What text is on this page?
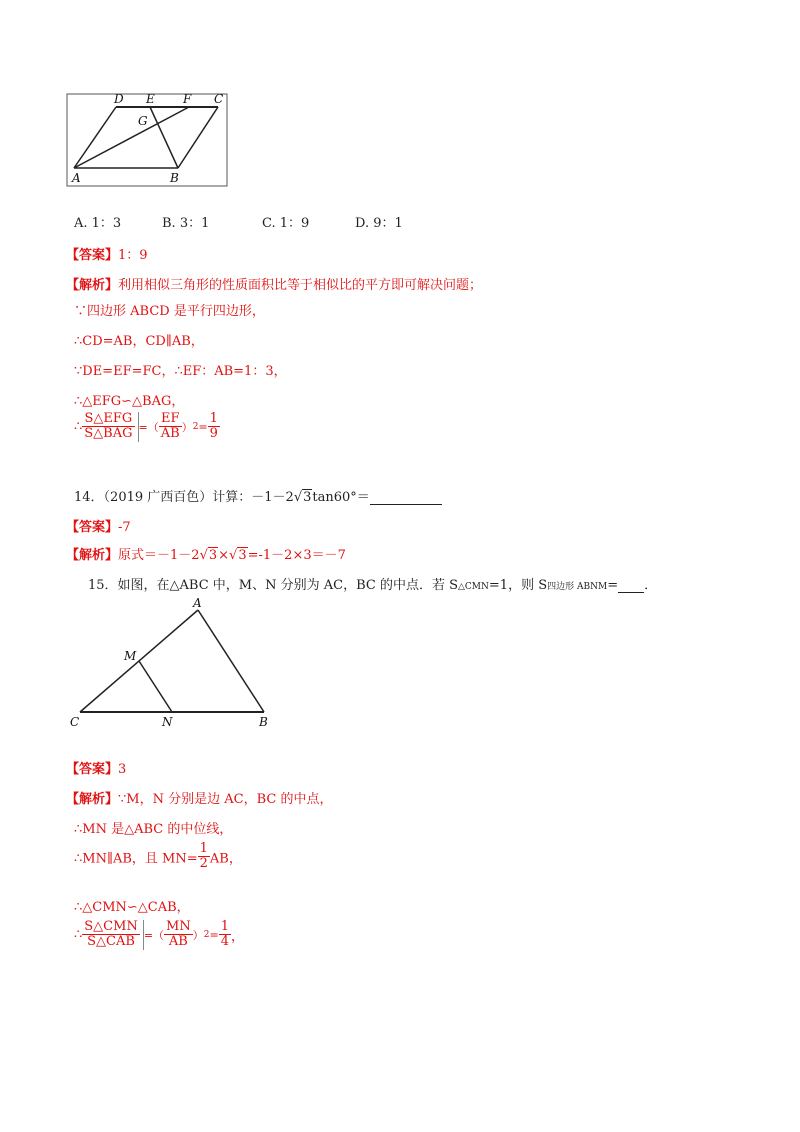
D E F C
G
A	B
A. 1：3	B. 3：1	C. 1：9	D. 9：1
【答案】1：9
【解析】利用相似三角形的性质面积比等于相似比的平方即可解决问题；
∵四边形 ABCD 是平行四边形，
∴CD=AB，CD∥AB，
∵DE=EF=FC，∴EF：AB=1：3，
∴△EFG∽△BAG，
∴ $\frac{\text{S△EFG}}{\text{S△BAG}}$ =（ $\frac{EF}{AB} )2= \frac{1}{9}$
14．（2019 广西百色）计算：－1－2√3tan60°＝
【答案】-7
【解析】原式＝－1－2√3×√3=-1－2×3＝－7
15．如图，在△ABC 中，M、N 分别为 AC，BC 的中点．若 S△CMN=1，则 S四边形 ABNM= ．
A
M
C	N	B
【答案】3
【解析】∵M，N 分别是边 AC，BC 的中点，
∴MN 是△ABC 的中位线，
∴MN∥AB，且 $MN= \frac{1}{2}$ AB，
∴△CMN∽△CAB，
∴ $\frac{\text{S△CMN}}{\text{S△CAB}}$ =（ $\frac{MN}{AB} )2= \frac{1}{4}$ ，
